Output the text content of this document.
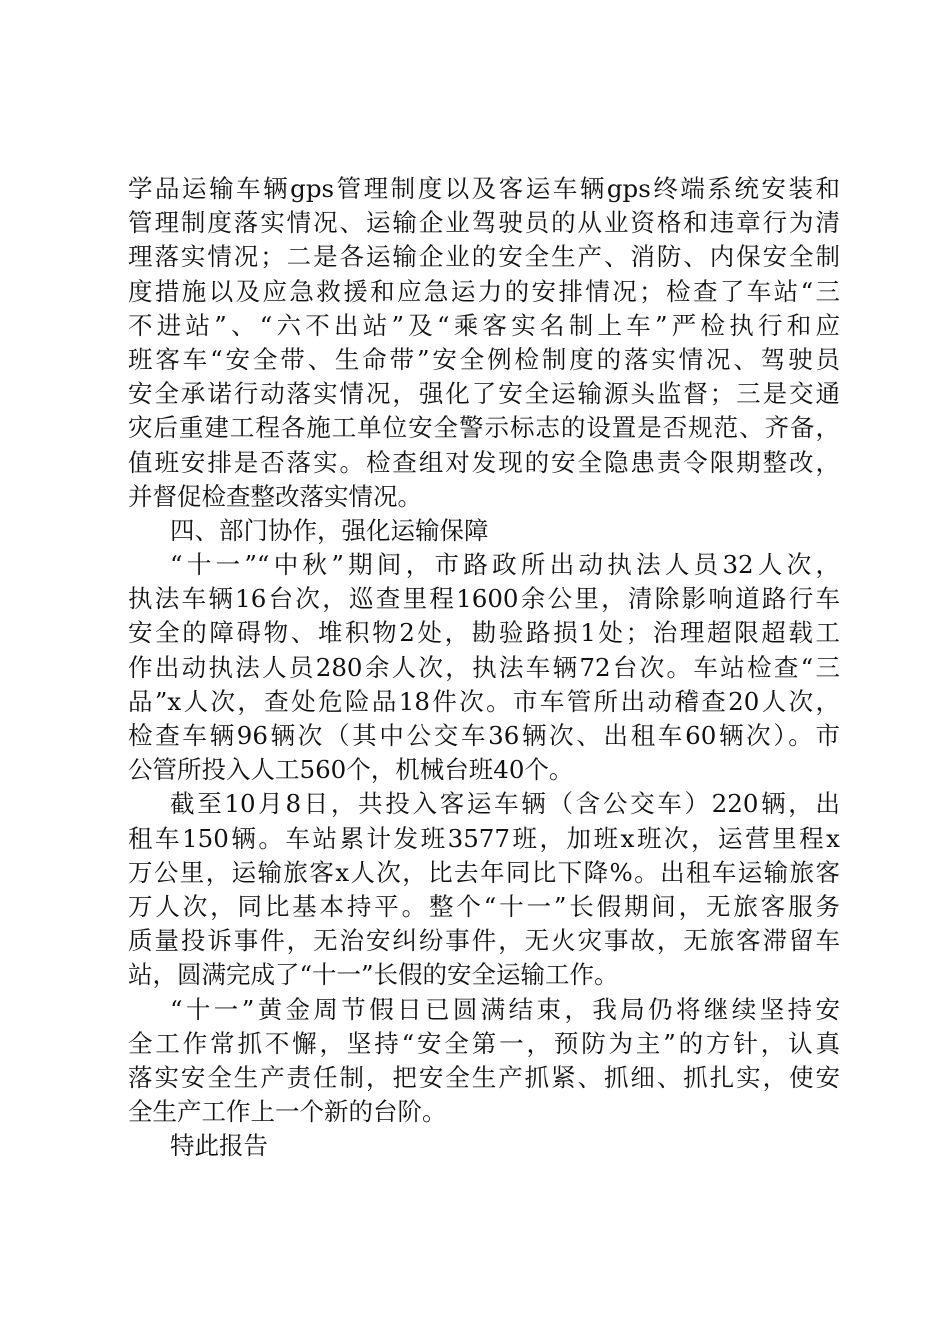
学品运输车辆gps管理制度以及客运车辆gps终端系统安装和
管理制度落实情况、运输企业驾驶员的从业资格和违章行为清
理落实情况；二是各运输企业的安全生产、消防、内保安全制
度措施以及应急救援和应急运力的安排情况；检查了车站“三
不进站”、“六不出站”及“乘客实名制上车”严检执行和应
班客车“安全带、生命带”安全例检制度的落实情况、驾驶员
安全承诺行动落实情况，强化了安全运输源头监督；三是交通
灾后重建工程各施工单位安全警示标志的设置是否规范、齐备，
值班安排是否落实。检查组对发现的安全隐患责令限期整改，
并督促检查整改落实情况。
四、部门协作，强化运输保障
“十一”“中秋”期间，市路政所出动执法人员32人次，
执法车辆16台次，巡查里程1600余公里，清除影响道路行车
安全的障碍物、堆积物2处，勘验路损1处；治理超限超载工
作出动执法人员280余人次，执法车辆72台次。车站检查“三
品”x人次，查处危险品18件次。市车管所出动稽查20人次，
检查车辆96辆次（其中公交车36辆次、出租车60辆次）。市
公管所投入人工560个，机械台班40个。
截至10月8日，共投入客运车辆（含公交车）220辆，出
租车150辆。车站累计发班3577班，加班x班次，运营里程x
万公里，运输旅客x人次，比去年同比下降%。出租车运输旅客
万人次，同比基本持平。整个“十一”长假期间，无旅客服务
质量投诉事件，无治安纠纷事件，无火灾事故，无旅客滞留车
站，圆满完成了“十一”长假的安全运输工作。
“十一”黄金周节假日已圆满结束，我局仍将继续坚持安
全工作常抓不懈，坚持“安全第一，预防为主”的方针，认真
落实安全生产责任制，把安全生产抓紧、抓细、抓扎实，使安
全生产工作上一个新的台阶。
特此报告
